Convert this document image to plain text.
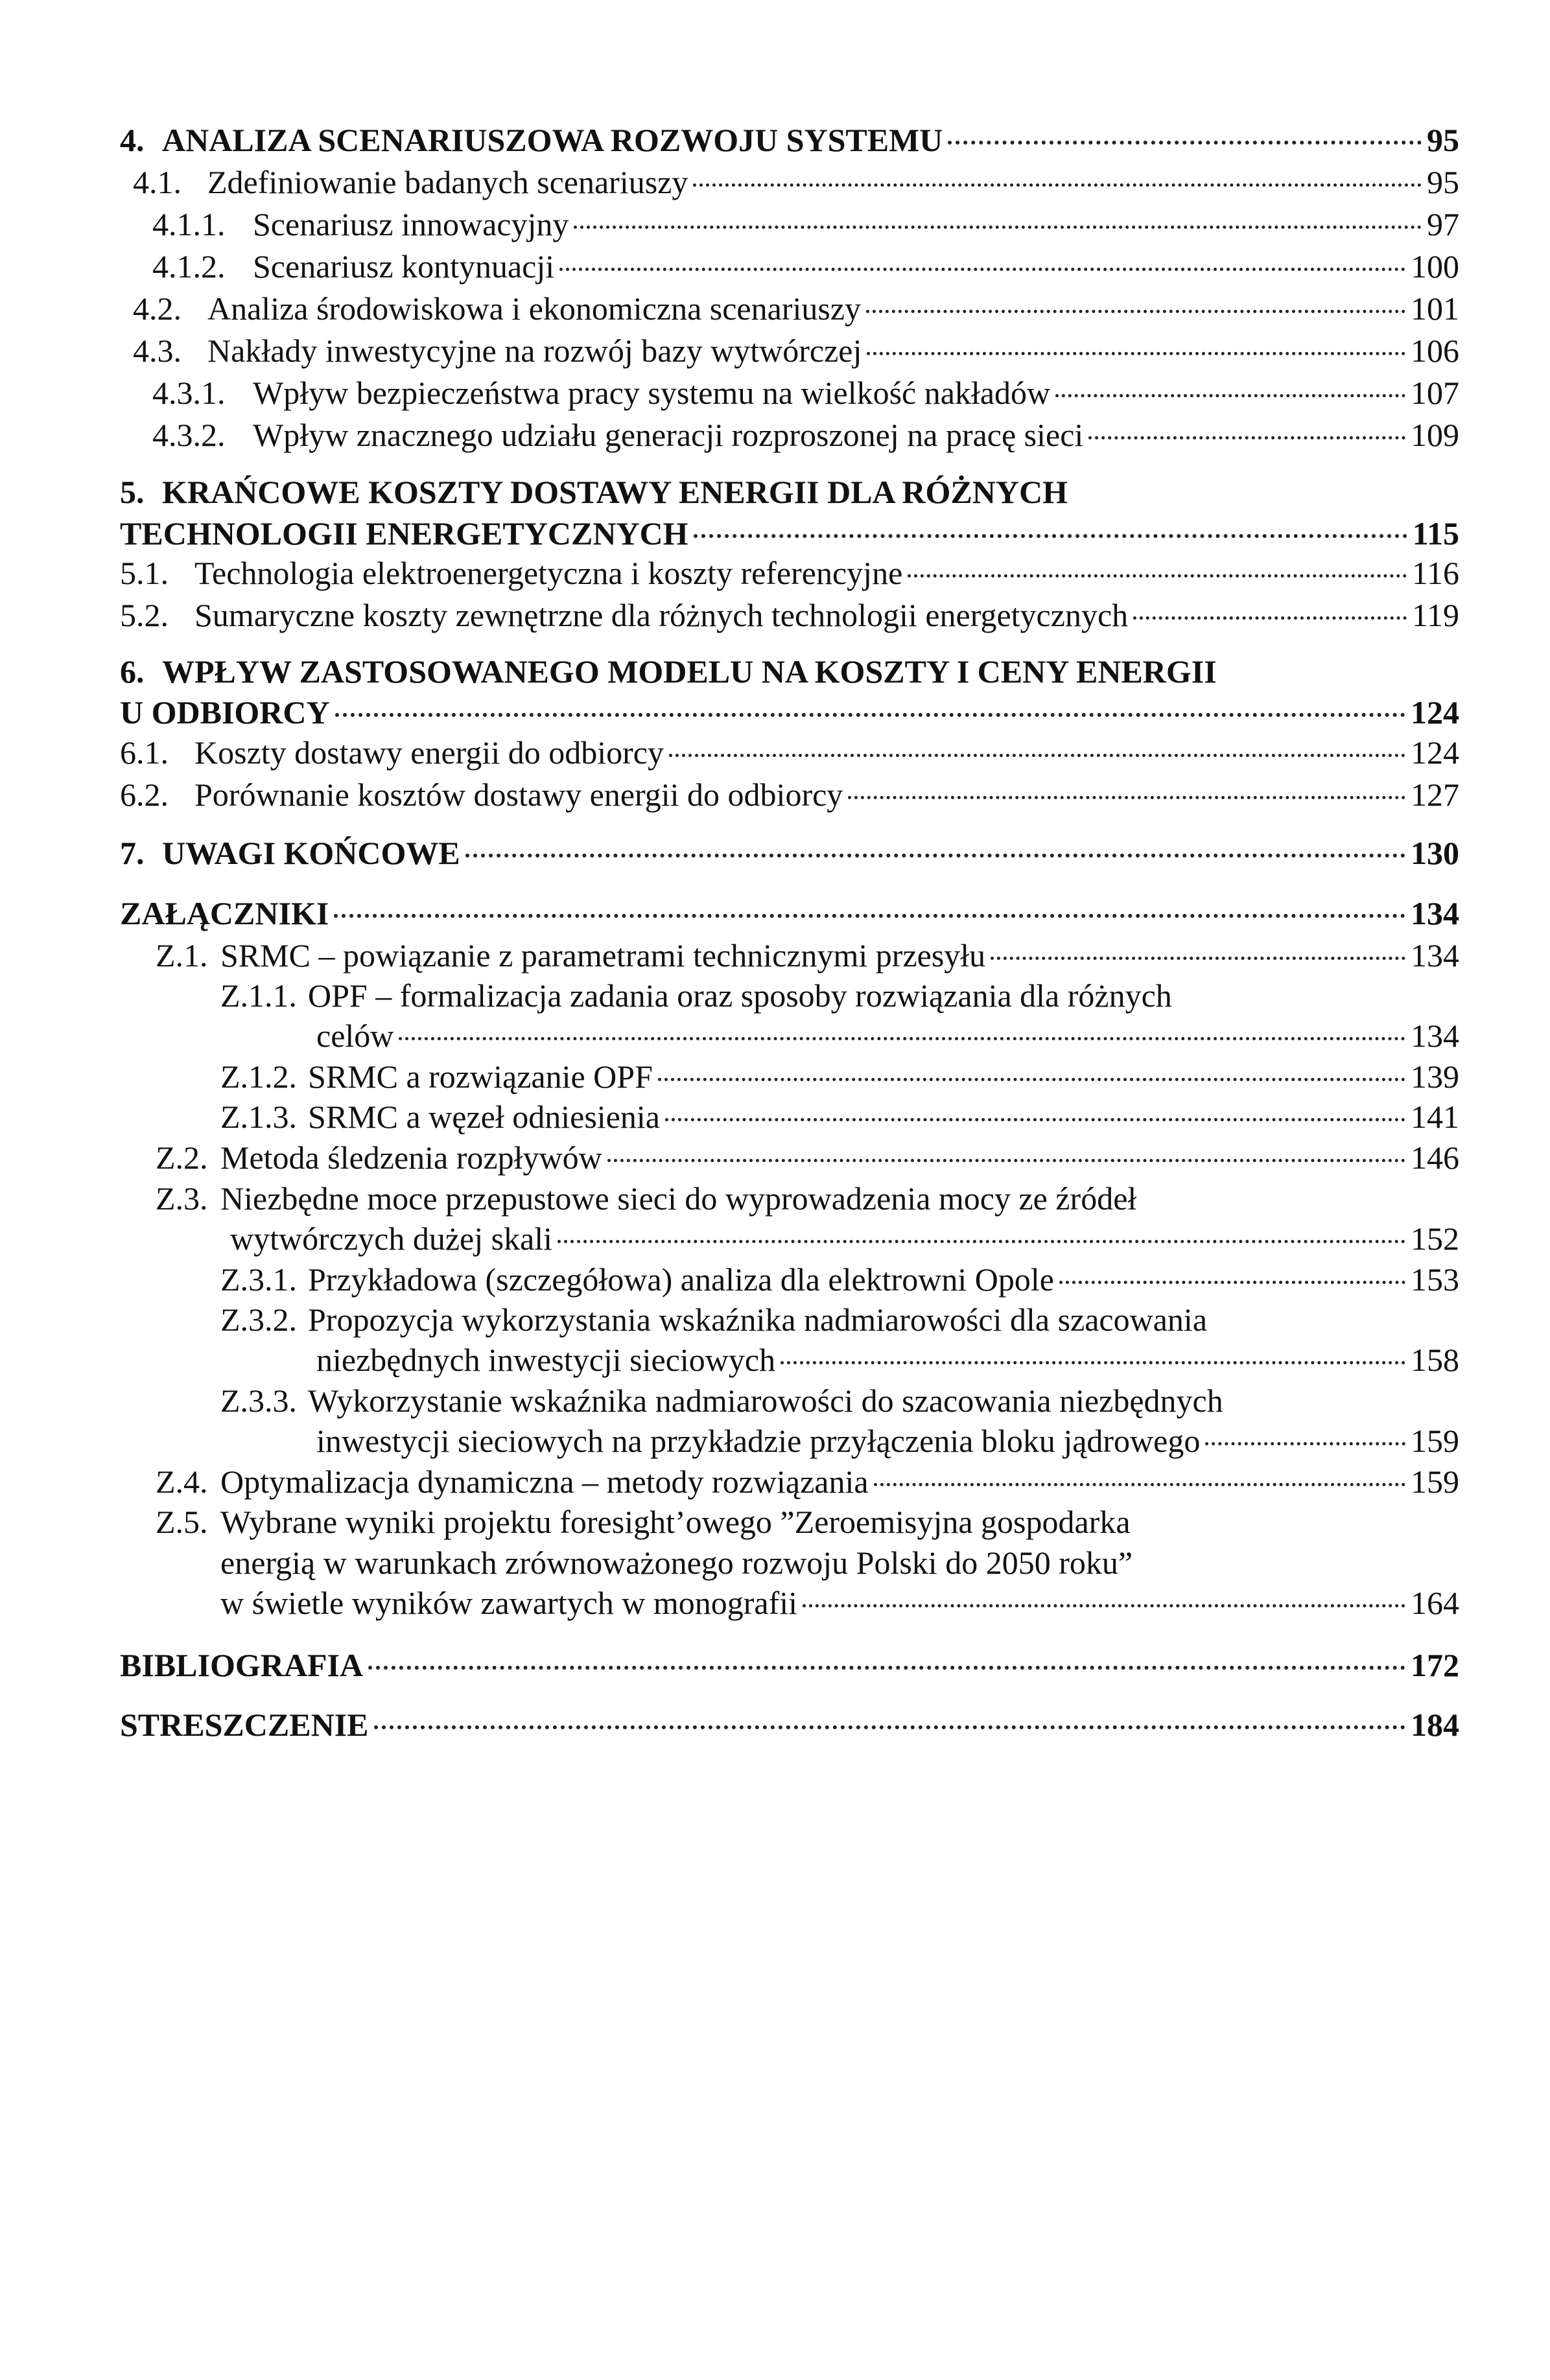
4. ANALIZA SCENARIUSZOWA ROZWOJU SYSTEMU	95
4.1. Zdefiniowanie badanych scenariuszy	95
4.1.1. Scenariusz innowacyjny	97
4.1.2. Scenariusz kontynuacji	100
4.2. Analiza środowiskowa i ekonomiczna scenariuszy	101
4.3. Nakłady inwestycyjne na rozwój bazy wytwórczej	106
4.3.1. Wpływ bezpieczeństwa pracy systemu na wielkość nakładów	107
4.3.2. Wpływ znacznego udziału generacji rozproszonej na pracę sieci	109
5. KRAŃCOWE KOSZTY DOSTAWY ENERGII DLA RÓŻNYCH
TECHNOLOGII ENERGETYCZNYCH	115
5.1. Technologia elektroenergetyczna i koszty referencyjne	116
5.2. Sumaryczne koszty zewnętrzne dla różnych technologii energetycznych	119
6. WPŁYW ZASTOSOWANEGO MODELU NA KOSZTY I CENY ENERGII
U ODBIORCY	124
6.1. Koszty dostawy energii do odbiorcy	124
6.2. Porównanie kosztów dostawy energii do odbiorcy	127
7. UWAGI KOŃCOWE	130
ZAŁĄCZNIKI	134
Z.1. SRMC – powiązanie z parametrami technicznymi przesyłu	134
Z.1.1. OPF – formalizacja zadania oraz sposoby rozwiązania dla różnych
celów	134
Z.1.2. SRMC a rozwiązanie OPF	139
Z.1.3. SRMC a węzeł odniesienia	141
Z.2. Metoda śledzenia rozpływów	146
Z.3. Niezbędne moce przepustowe sieci do wyprowadzenia mocy ze źródeł
wytwórczych dużej skali	152
Z.3.1. Przykładowa (szczegółowa) analiza dla elektrowni Opole	153
Z.3.2. Propozycja wykorzystania wskaźnika nadmiarowości dla szacowania
niezbędnych inwestycji sieciowych	158
Z.3.3. Wykorzystanie wskaźnika nadmiarowości do szacowania niezbędnych
inwestycji sieciowych na przykładzie przyłączenia bloku jądrowego	159
Z.4. Optymalizacja dynamiczna – metody rozwiązania	159
Z.5. Wybrane wyniki projektu foresight’owego ”Zeroemisyjna gospodarka
energią w warunkach zrównoważonego rozwoju Polski do 2050 roku”
w świetle wyników zawartych w monografii	164
BIBLIOGRAFIA	172
STRESZCZENIE	184
